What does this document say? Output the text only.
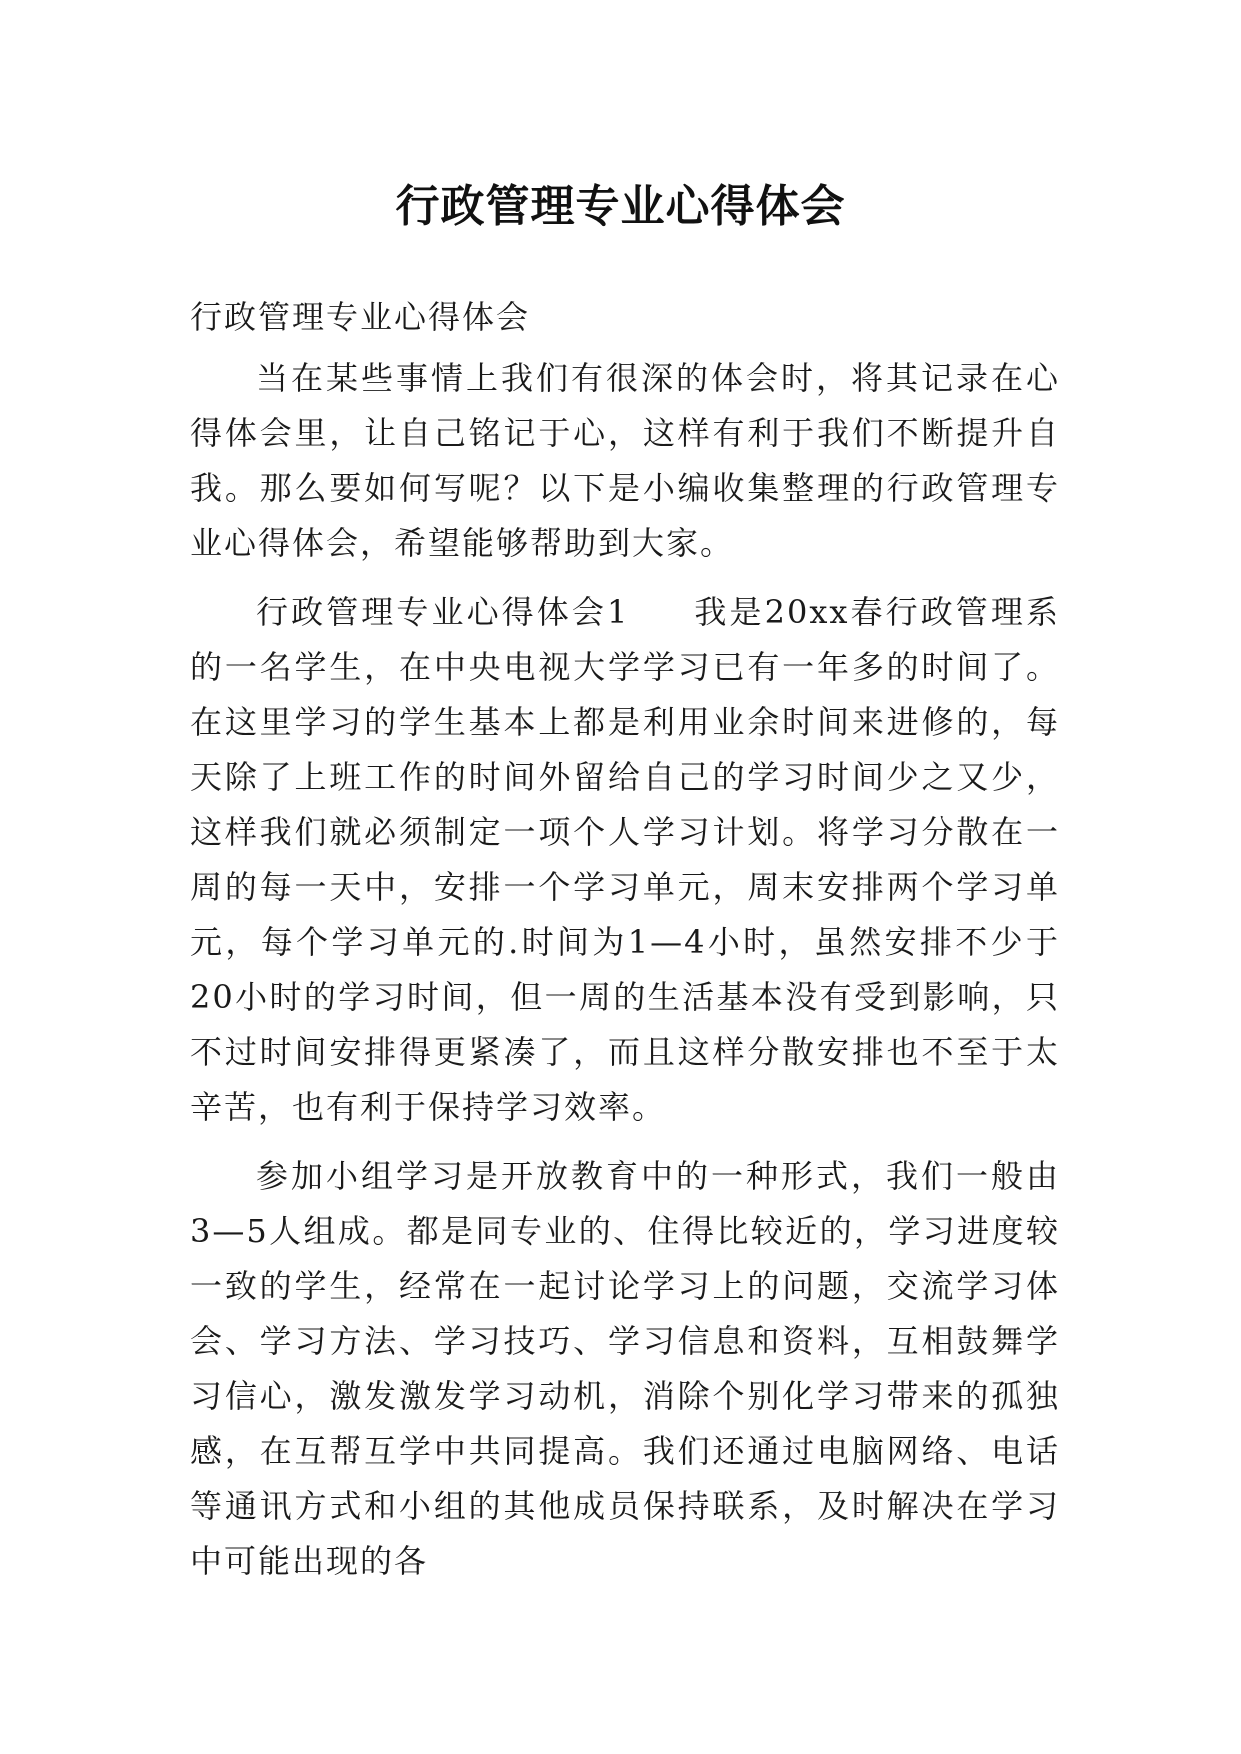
行政管理专业心得体会

行政管理专业心得体会

当在某些事情上我们有很深的体会时，将其记录在心得体会里，让自己铭记于心，这样有利于我们不断提升自我。那么要如何写呢？以下是小编收集整理的行政管理专业心得体会，希望能够帮助到大家。

行政管理专业心得体会1 我是20xx春行政管理系的一名学生，在中央电视大学学习已有一年多的时间了。在这里学习的学生基本上都是利用业余时间来进修的，每天除了上班工作的时间外留给自己的学习时间少之又少，这样我们就必须制定一项个人学习计划。将学习分散在一周的每一天中，安排一个学习单元，周末安排两个学习单元，每个学习单元的.时间为1—4小时，虽然安排不少于20小时的学习时间，但一周的生活基本没有受到影响，只不过时间安排得更紧凑了，而且这样分散安排也不至于太辛苦，也有利于保持学习效率。

参加小组学习是开放教育中的一种形式，我们一般由3—5人组成。都是同专业的、住得比较近的，学习进度较一致的学生，经常在一起讨论学习上的问题，交流学习体会、学习方法、学习技巧、学习信息和资料，互相鼓舞学习信心，激发激发学习动机，消除个别化学习带来的孤独感，在互帮互学中共同提高。我们还通过电脑网络、电话等通讯方式和小组的其他成员保持联系，及时解决在学习中可能出现的各
